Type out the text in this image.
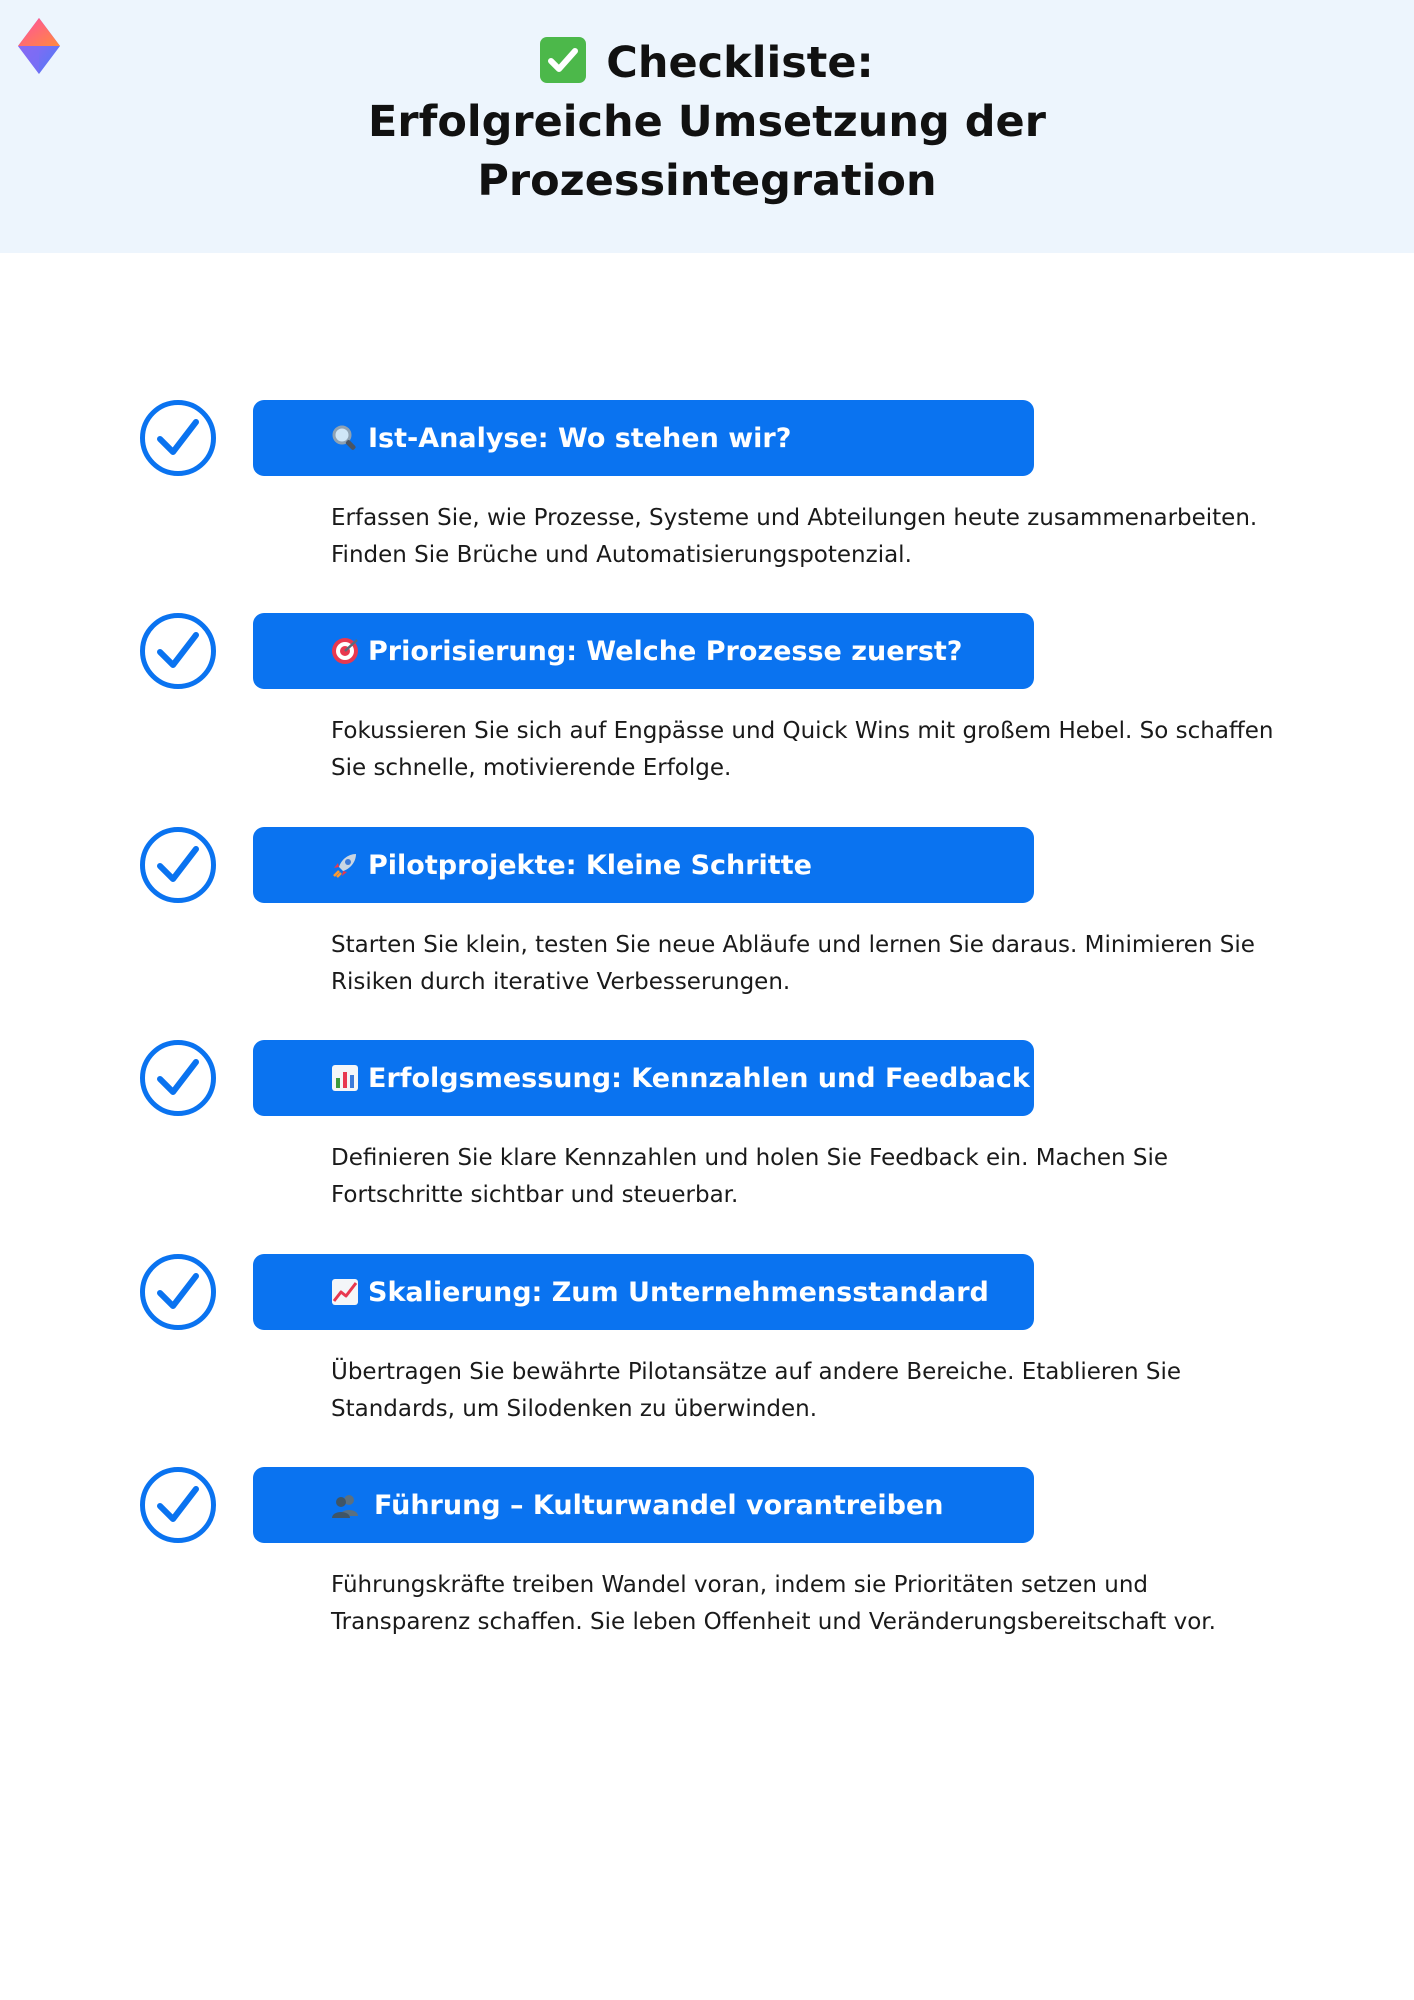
Checkliste:
Erfolgreiche Umsetzung der
Prozessintegration
Ist-Analyse: Wo stehen wir?

Erfassen Sie, wie Prozesse, Systeme und Abteilungen heute zusammenarbeiten.
Finden Sie Brüche und Automatisierungspotenzial.

Priorisierung: Welche Prozesse zuerst?

Fokussieren Sie sich auf Engpässe und Quick Wins mit großem Hebel. So schaffen
Sie schnelle, motivierende Erfolge.

Pilotprojekte: Kleine Schritte

Starten Sie klein, testen Sie neue Abläufe und lernen Sie daraus. Minimieren Sie
Risiken durch iterative Verbesserungen.

Erfolgsmessung: Kennzahlen und Feedback

Definieren Sie klare Kennzahlen und holen Sie Feedback ein. Machen Sie
Fortschritte sichtbar und steuerbar.

Skalierung: Zum Unternehmensstandard

Übertragen Sie bewährte Pilotansätze auf andere Bereiche. Etablieren Sie
Standards, um Silodenken zu überwinden.

Führung – Kulturwandel vorantreiben

Führungskräfte treiben Wandel voran, indem sie Prioritäten setzen und
Transparenz schaffen. Sie leben Offenheit und Veränderungsbereitschaft vor.
